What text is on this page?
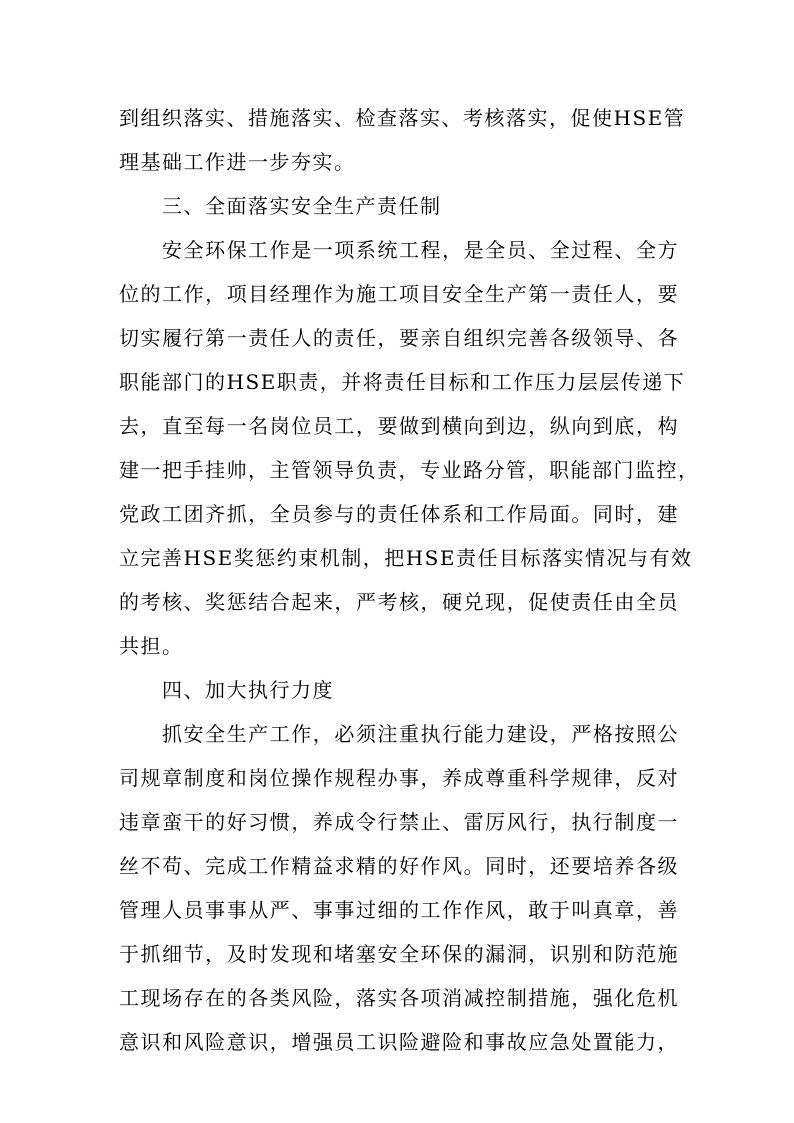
到组织落实、措施落实、检查落实、考核落实，促使HSE管
理基础工作进一步夯实。
三、全面落实安全生产责任制
安全环保工作是一项系统工程，是全员、全过程、全方
位的工作，项目经理作为施工项目安全生产第一责任人，要
切实履行第一责任人的责任，要亲自组织完善各级领导、各
职能部门的HSE职责，并将责任目标和工作压力层层传递下
去，直至每一名岗位员工，要做到横向到边，纵向到底，构
建一把手挂帅，主管领导负责，专业路分管，职能部门监控，
党政工团齐抓，全员参与的责任体系和工作局面。同时，建
立完善HSE奖惩约束机制，把HSE责任目标落实情况与有效
的考核、奖惩结合起来，严考核，硬兑现，促使责任由全员
共担。
四、加大执行力度
抓安全生产工作，必须注重执行能力建设，严格按照公
司规章制度和岗位操作规程办事，养成尊重科学规律，反对
违章蛮干的好习惯，养成令行禁止、雷厉风行，执行制度一
丝不苟、完成工作精益求精的好作风。同时，还要培养各级
管理人员事事从严、事事过细的工作作风，敢于叫真章，善
于抓细节，及时发现和堵塞安全环保的漏洞，识别和防范施
工现场存在的各类风险，落实各项消减控制措施，强化危机
意识和风险意识，增强员工识险避险和事故应急处置能力，
